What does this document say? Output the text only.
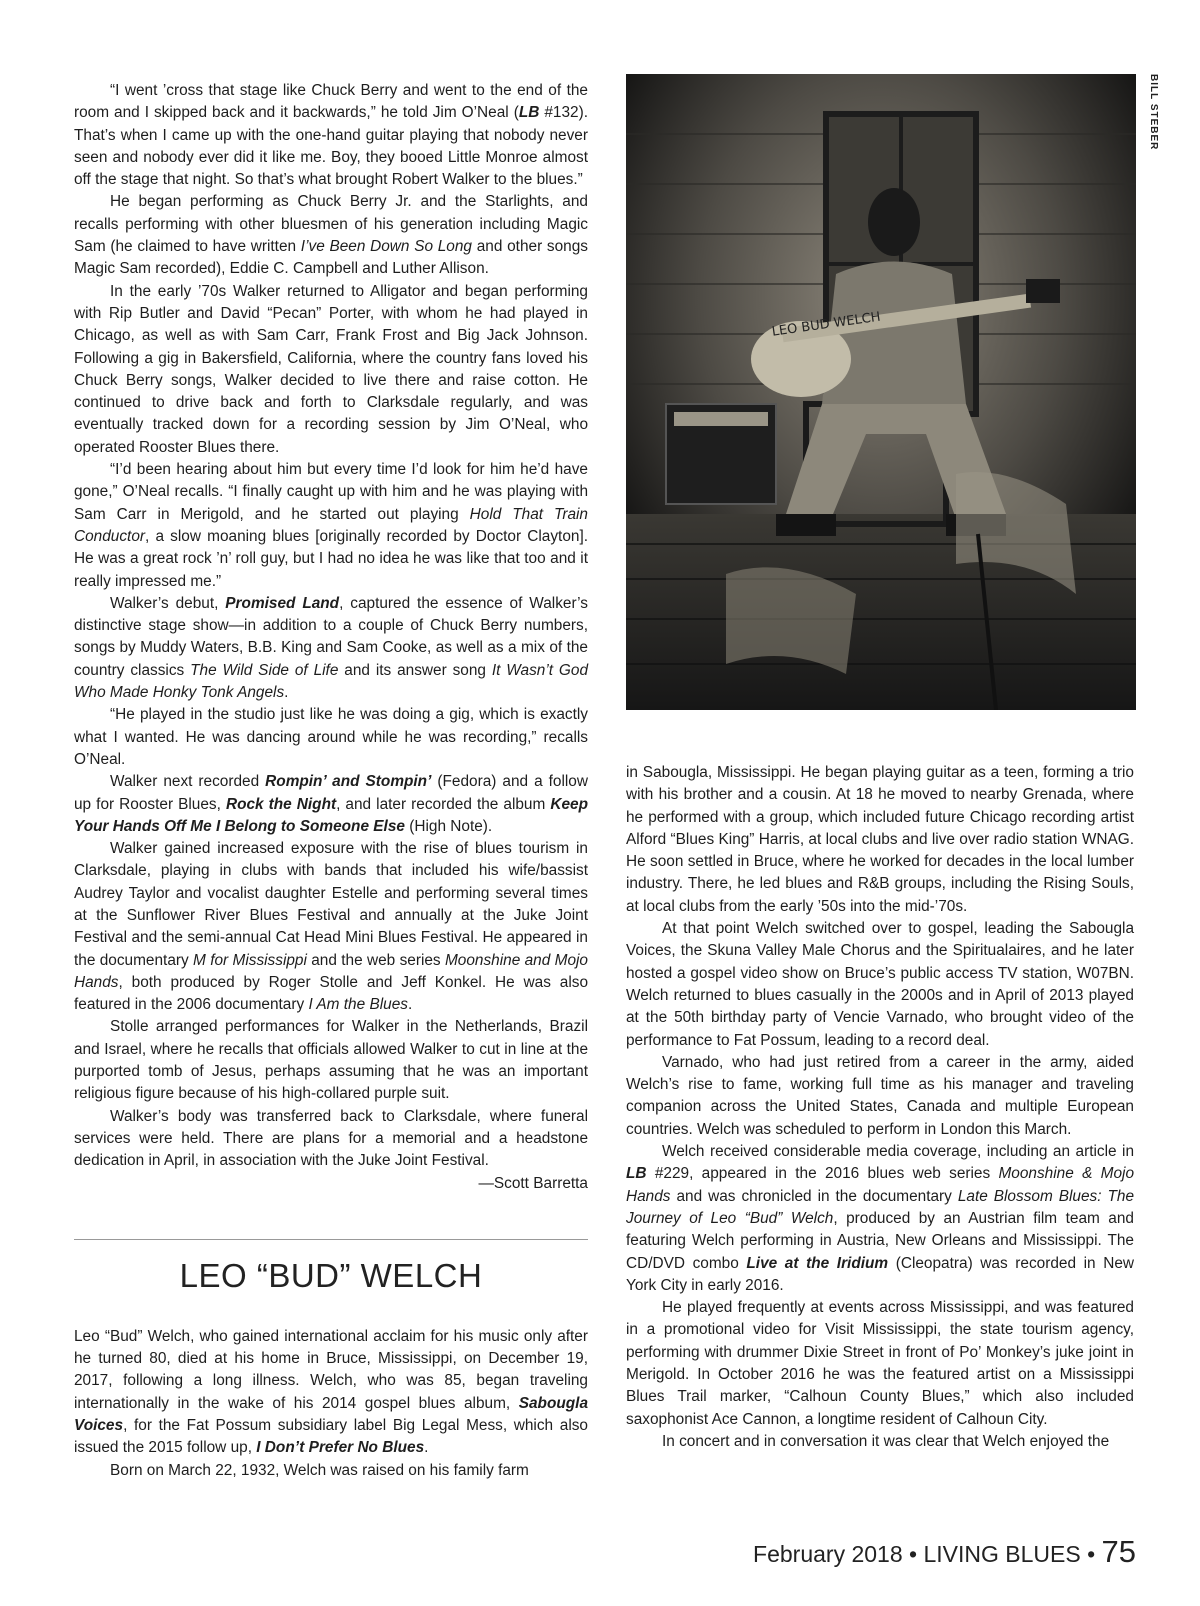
“I went ’cross that stage like Chuck Berry and went to the end of the room and I skipped back and it backwards,” he told Jim O’Neal (LB #132). That’s when I came up with the one-hand guitar playing that nobody never seen and nobody ever did it like me. Boy, they booed Little Monroe almost off the stage that night. So that’s what brought Robert Walker to the blues.”

He began performing as Chuck Berry Jr. and the Starlights, and recalls performing with other bluesmen of his generation including Magic Sam (he claimed to have written I’ve Been Down So Long and other songs Magic Sam recorded), Eddie C. Campbell and Luther Allison.

In the early ’70s Walker returned to Alligator and began performing with Rip Butler and David “Pecan” Porter, with whom he had played in Chicago, as well as with Sam Carr, Frank Frost and Big Jack Johnson. Following a gig in Bakersfield, California, where the country fans loved his Chuck Berry songs, Walker decided to live there and raise cotton. He continued to drive back and forth to Clarksdale regularly, and was eventually tracked down for a recording session by Jim O’Neal, who operated Rooster Blues there.

“I’d been hearing about him but every time I’d look for him he’d have gone,” O’Neal recalls. “I finally caught up with him and he was playing with Sam Carr in Merigold, and he started out playing Hold That Train Conductor, a slow moaning blues [originally recorded by Doctor Clayton]. He was a great rock ’n’ roll guy, but I had no idea he was like that too and it really impressed me.”

Walker’s debut, Promised Land, captured the essence of Walker’s distinctive stage show—in addition to a couple of Chuck Berry numbers, songs by Muddy Waters, B.B. King and Sam Cooke, as well as a mix of the country classics The Wild Side of Life and its answer song It Wasn’t God Who Made Honky Tonk Angels.

“He played in the studio just like he was doing a gig, which is exactly what I wanted. He was dancing around while he was recording,” recalls O’Neal.

Walker next recorded Rompin’ and Stompin’ (Fedora) and a follow up for Rooster Blues, Rock the Night, and later recorded the album Keep Your Hands Off Me I Belong to Someone Else (High Note).

Walker gained increased exposure with the rise of blues tourism in Clarksdale, playing in clubs with bands that included his wife/bassist Audrey Taylor and vocalist daughter Estelle and performing several times at the Sunflower River Blues Festival and annually at the Juke Joint Festival and the semi-annual Cat Head Mini Blues Festival. He appeared in the documentary M for Mississippi and the web series Moonshine and Mojo Hands, both produced by Roger Stolle and Jeff Konkel. He was also featured in the 2006 documentary I Am the Blues.

Stolle arranged performances for Walker in the Netherlands, Brazil and Israel, where he recalls that officials allowed Walker to cut in line at the purported tomb of Jesus, perhaps assuming that he was an important religious figure because of his high-collared purple suit.

Walker’s body was transferred back to Clarksdale, where funeral services were held. There are plans for a memorial and a headstone dedication in April, in association with the Juke Joint Festival.

—Scott Barretta

LEO “BUD” WELCH

Leo “Bud” Welch, who gained international acclaim for his music only after he turned 80, died at his home in Bruce, Mississippi, on December 19, 2017, following a long illness. Welch, who was 85, began traveling internationally in the wake of his 2014 gospel blues album, Sabougla Voices, for the Fat Possum subsidiary label Big Legal Mess, which also issued the 2015 follow up, I Don’t Prefer No Blues.

Born on March 22, 1932, Welch was raised on his family farm

LEO BUD WELCH
BILL STEBER

in Sabougla, Mississippi. He began playing guitar as a teen, forming a trio with his brother and a cousin. At 18 he moved to nearby Grenada, where he performed with a group, which included future Chicago recording artist Alford “Blues King” Harris, at local clubs and live over radio station WNAG. He soon settled in Bruce, where he worked for decades in the local lumber industry. There, he led blues and R&B groups, including the Rising Souls, at local clubs from the early ’50s into the mid-’70s.

At that point Welch switched over to gospel, leading the Sabougla Voices, the Skuna Valley Male Chorus and the Spiritualaires, and he later hosted a gospel video show on Bruce’s public access TV station, W07BN. Welch returned to blues casually in the 2000s and in April of 2013 played at the 50th birthday party of Vencie Varnado, who brought video of the performance to Fat Possum, leading to a record deal.

Varnado, who had just retired from a career in the army, aided Welch’s rise to fame, working full time as his manager and traveling companion across the United States, Canada and multiple European countries. Welch was scheduled to perform in London this March.

Welch received considerable media coverage, including an article in LB #229, appeared in the 2016 blues web series Moonshine & Mojo Hands and was chronicled in the documentary Late Blossom Blues: The Journey of Leo “Bud” Welch, produced by an Austrian film team and featuring Welch performing in Austria, New Orleans and Mississippi. The CD/DVD combo Live at the Iridium (Cleopatra) was recorded in New York City in early 2016.

He played frequently at events across Mississippi, and was featured in a promotional video for Visit Mississippi, the state tourism agency, performing with drummer Dixie Street in front of Po’ Monkey’s juke joint in Merigold. In October 2016 he was the featured artist on a Mississippi Blues Trail marker, “Calhoun County Blues,” which also included saxophonist Ace Cannon, a longtime resident of Calhoun City.

In concert and in conversation it was clear that Welch enjoyed the

February 2018 • LIVING BLUES • 75
